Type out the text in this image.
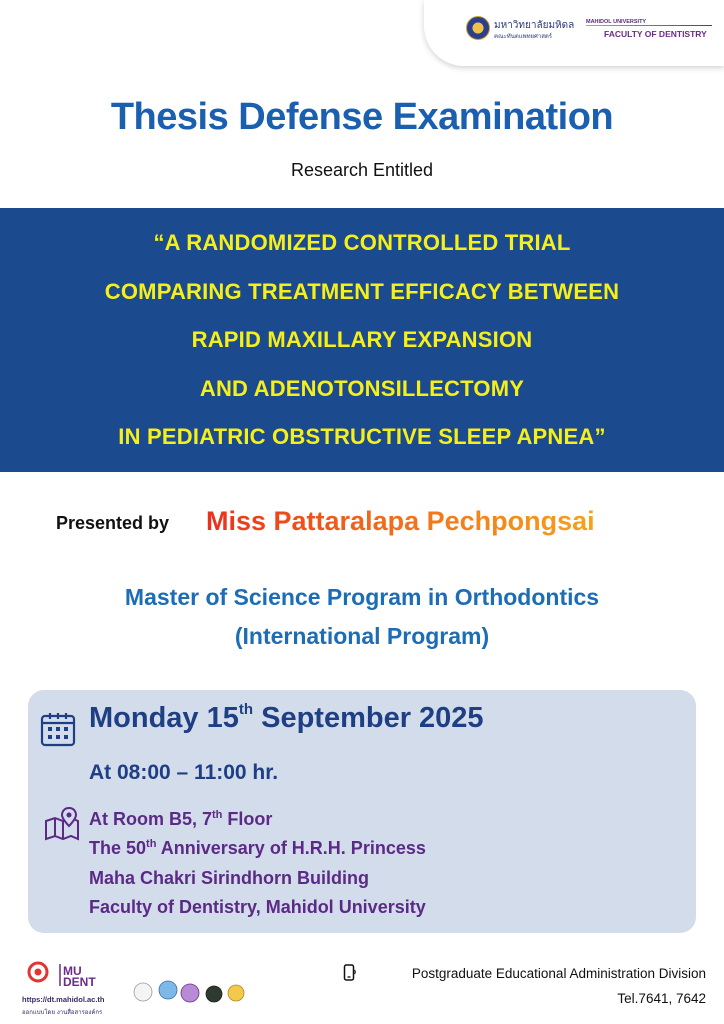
มหาวิทยาลัยมหิดล
คณะทันตแพทยศาสตร์
MAHIDOL UNIVERSITY
FACULTY OF DENTISTRY
Thesis Defense Examination
Research Entitled
“A RANDOMIZED CONTROLLED TRIAL
COMPARING TREATMENT EFFICACY BETWEEN
RAPID MAXILLARY EXPANSION
AND ADENOTONSILLECTOMY
IN PEDIATRIC OBSTRUCTIVE SLEEP APNEA”
Presented by Miss Pattaralapa Pechpongsai
Master of Science Program in Orthodontics
(International Program)
Monday 15th September 2025
At 08:00 – 11:00 hr.
At Room B5, 7th Floor
The 50th Anniversary of H.R.H. Princess
Maha Chakri Sirindhorn Building
Faculty of Dentistry, Mahidol University
MU
DENT
https://dt.mahidol.ac.th
ออกแบบโดย งานสื่อสารองค์กร
Postgraduate Educational Administration Division
Tel.7641, 7642
